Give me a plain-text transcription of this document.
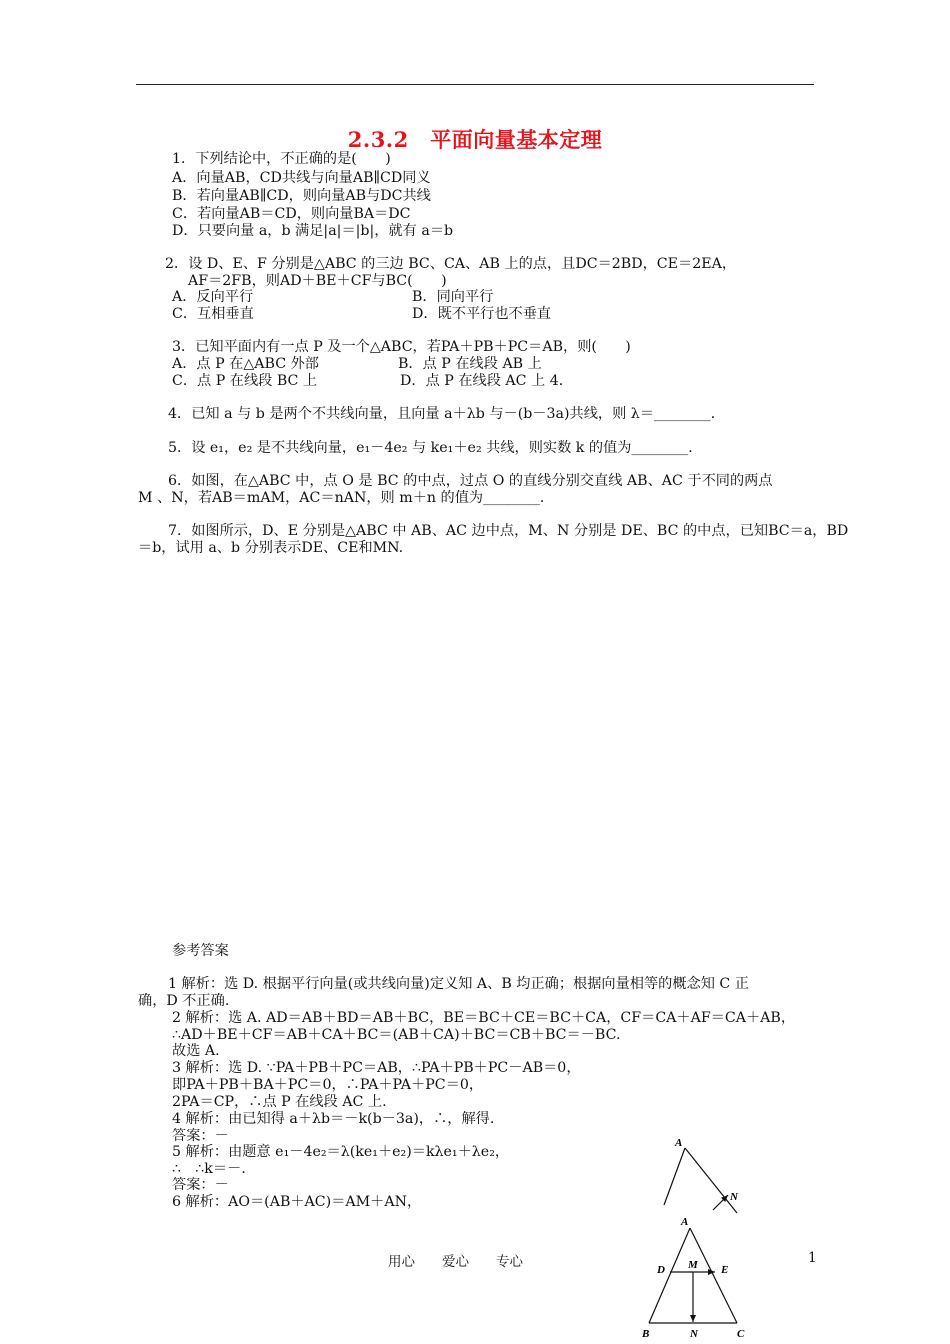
2.3.2　平面向量基本定理
1．下列结论中，不正确的是(　　)
A．向量AB，CD共线与向量AB∥CD同义
B．若向量AB∥CD，则向量AB与DC共线
C．若向量AB＝CD，则向量BA＝DC
D．只要向量 a，b 满足|a|＝|b|，就有 a＝b
2．设 D、E、F 分别是△ABC 的三边 BC、CA、AB 上的点，且DC＝2BD，CE＝2EA，
AF＝2FB，则AD＋BE＋CF与BC(　　)
A．反向平行	B．同向平行
C．互相垂直	D．既不平行也不垂直
3．已知平面内有一点 P 及一个△ABC，若PA＋PB＋PC＝AB，则(　　)
A．点 P 在△ABC 外部	B．点 P 在线段 AB 上
C．点 P 在线段 BC 上	D．点 P 在线段 AC 上 4．
4．已知 a 与 b 是两个不共线向量，且向量 a＋λb 与－(b－3a)共线，则 λ＝________．
5．设 e₁，e₂ 是不共线向量，e₁－4e₂ 与 ke₁＋e₂ 共线，则实数 k 的值为________．
6．如图，在△ABC 中，点 O 是 BC 的中点，过点 O 的直线分别交直线 AB、AC 于不同的两点
M 、N，若AB＝mAM，AC＝nAN，则 m＋n 的值为________．
7．如图所示，D、E 分别是△ABC 中 AB、AC 边中点，M、N 分别是 DE、BC 的中点，已知BC＝a，BD
＝b，试用 a、b 分别表示DE、CE和MN.
参考答案
1 解析：选 D. 根据平行向量(或共线向量)定义知 A、B 均正确；根据向量相等的概念知 C 正
确，D 不正确.
2 解析：选 A. AD＝AB＋BD＝AB＋BC，BE＝BC＋CE＝BC＋CA，CF＝CA＋AF＝CA＋AB，
∴AD＋BE＋CF＝AB＋CA＋BC＝(AB＋CA)＋BC＝CB＋BC＝－BC.
故选 A.
3 解析：选 D. ∵PA＋PB＋PC＝AB，∴PA＋PB＋PC－AB＝0，
即PA＋PB＋BA＋PC＝0，∴PA＋PA＋PC＝0，
2PA＝CP，∴点 P 在线段 AC 上.
4 解析：由已知得 a＋λb＝－k(b－3a)，∴，解得.
答案：－
5 解析：由题意 e₁－4e₂＝λ(ke₁＋e₂)＝kλe₁＋λe₂，
∴　∴k＝－.
答案：－
6 解析：AO＝(AB＋AC)＝AM＋AN，
A
N
A
D M E
B	N	C
用心　　爱心　　专心	1
